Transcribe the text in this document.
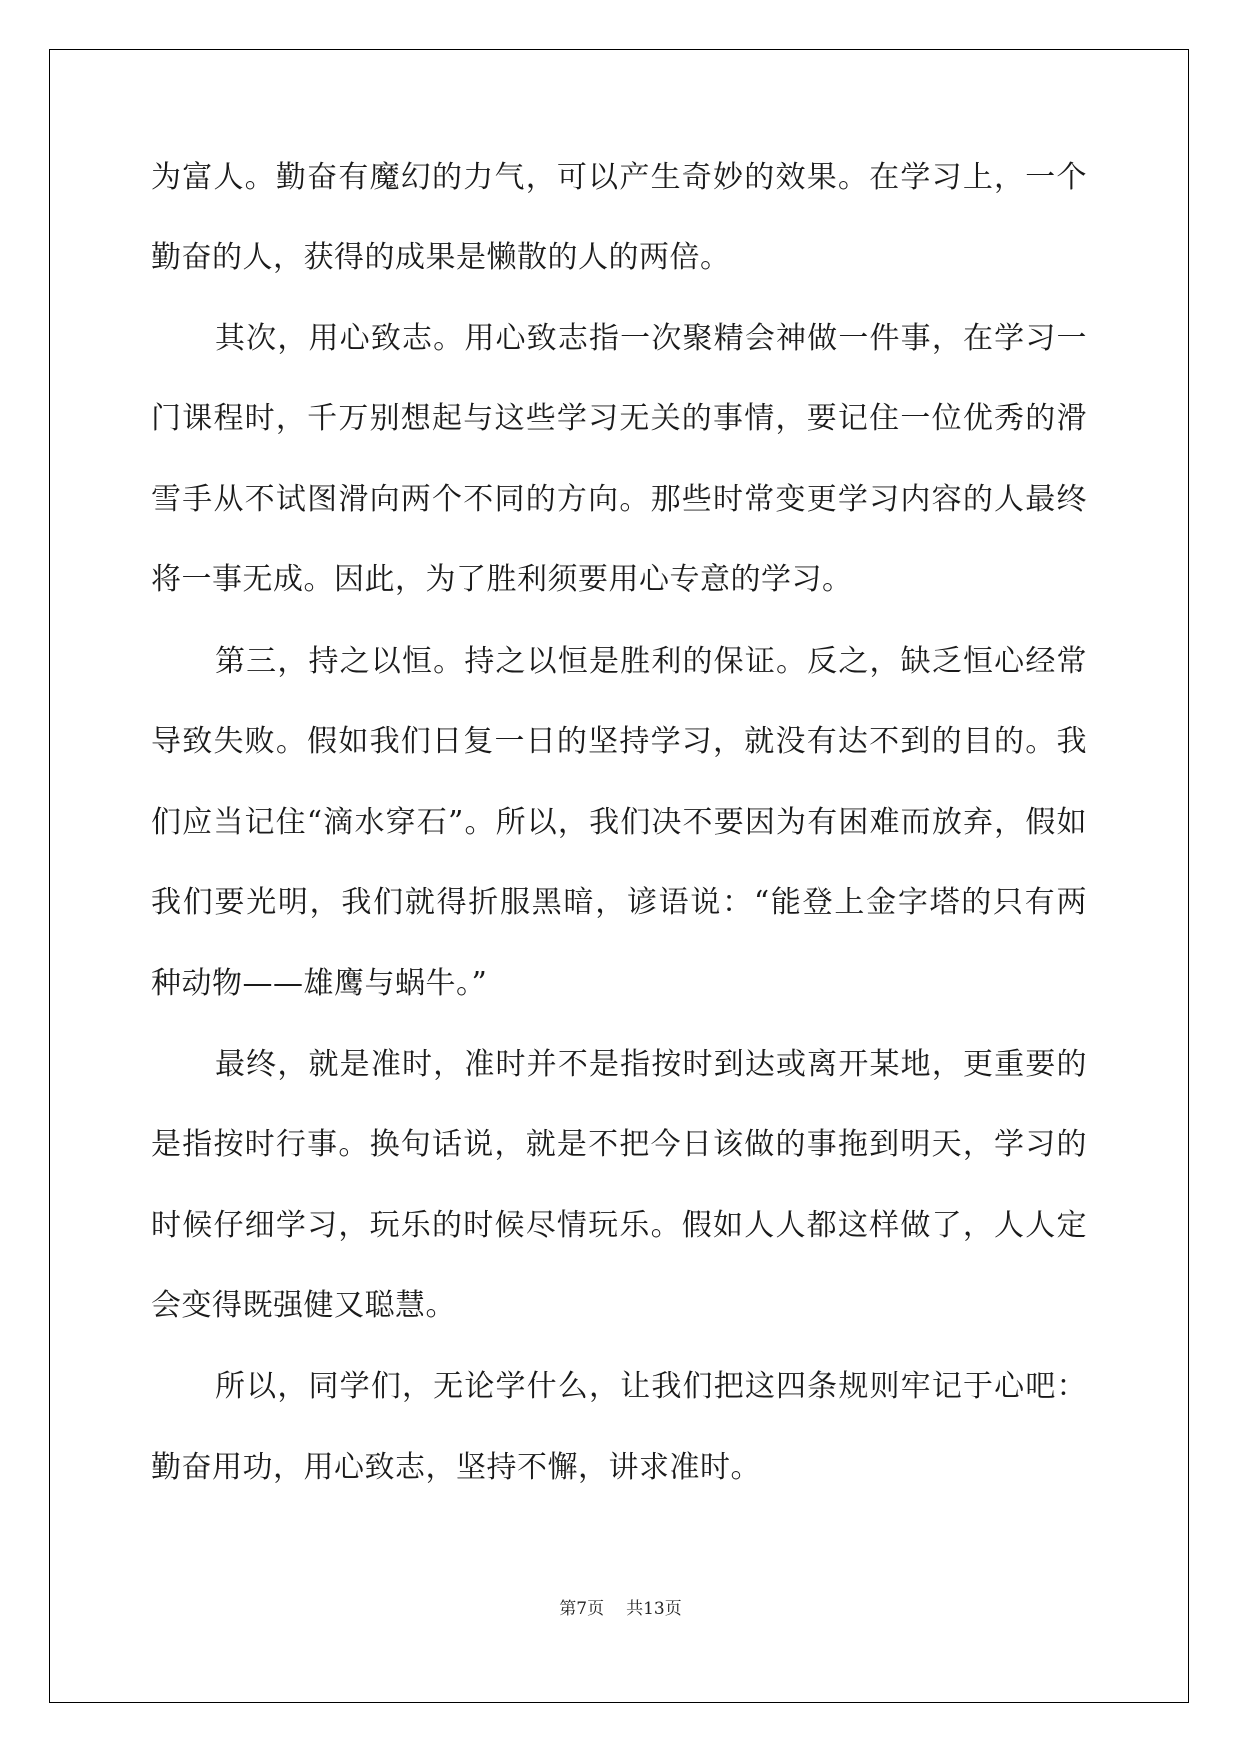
为富人。勤奋有魔幻的力气，可以产生奇妙的效果。在学习上，一个
勤奋的人，获得的成果是懒散的人的两倍。
其次，用心致志。用心致志指一次聚精会神做一件事，在学习一
门课程时，千万别想起与这些学习无关的事情，要记住一位优秀的滑
雪手从不试图滑向两个不同的方向。那些时常变更学习内容的人最终
将一事无成。因此，为了胜利须要用心专意的学习。
第三，持之以恒。持之以恒是胜利的保证。反之，缺乏恒心经常
导致失败。假如我们日复一日的坚持学习，就没有达不到的目的。我
们应当记住“滴水穿石”。所以，我们决不要因为有困难而放弃，假如
我们要光明，我们就得折服黑暗，谚语说：“能登上金字塔的只有两
种动物——雄鹰与蜗牛。”
最终，就是准时，准时并不是指按时到达或离开某地，更重要的
是指按时行事。换句话说，就是不把今日该做的事拖到明天，学习的
时候仔细学习，玩乐的时候尽情玩乐。假如人人都这样做了，人人定
会变得既强健又聪慧。
所以，同学们，无论学什么，让我们把这四条规则牢记于心吧：
勤奋用功，用心致志，坚持不懈，讲求准时。
第7页 共13页
